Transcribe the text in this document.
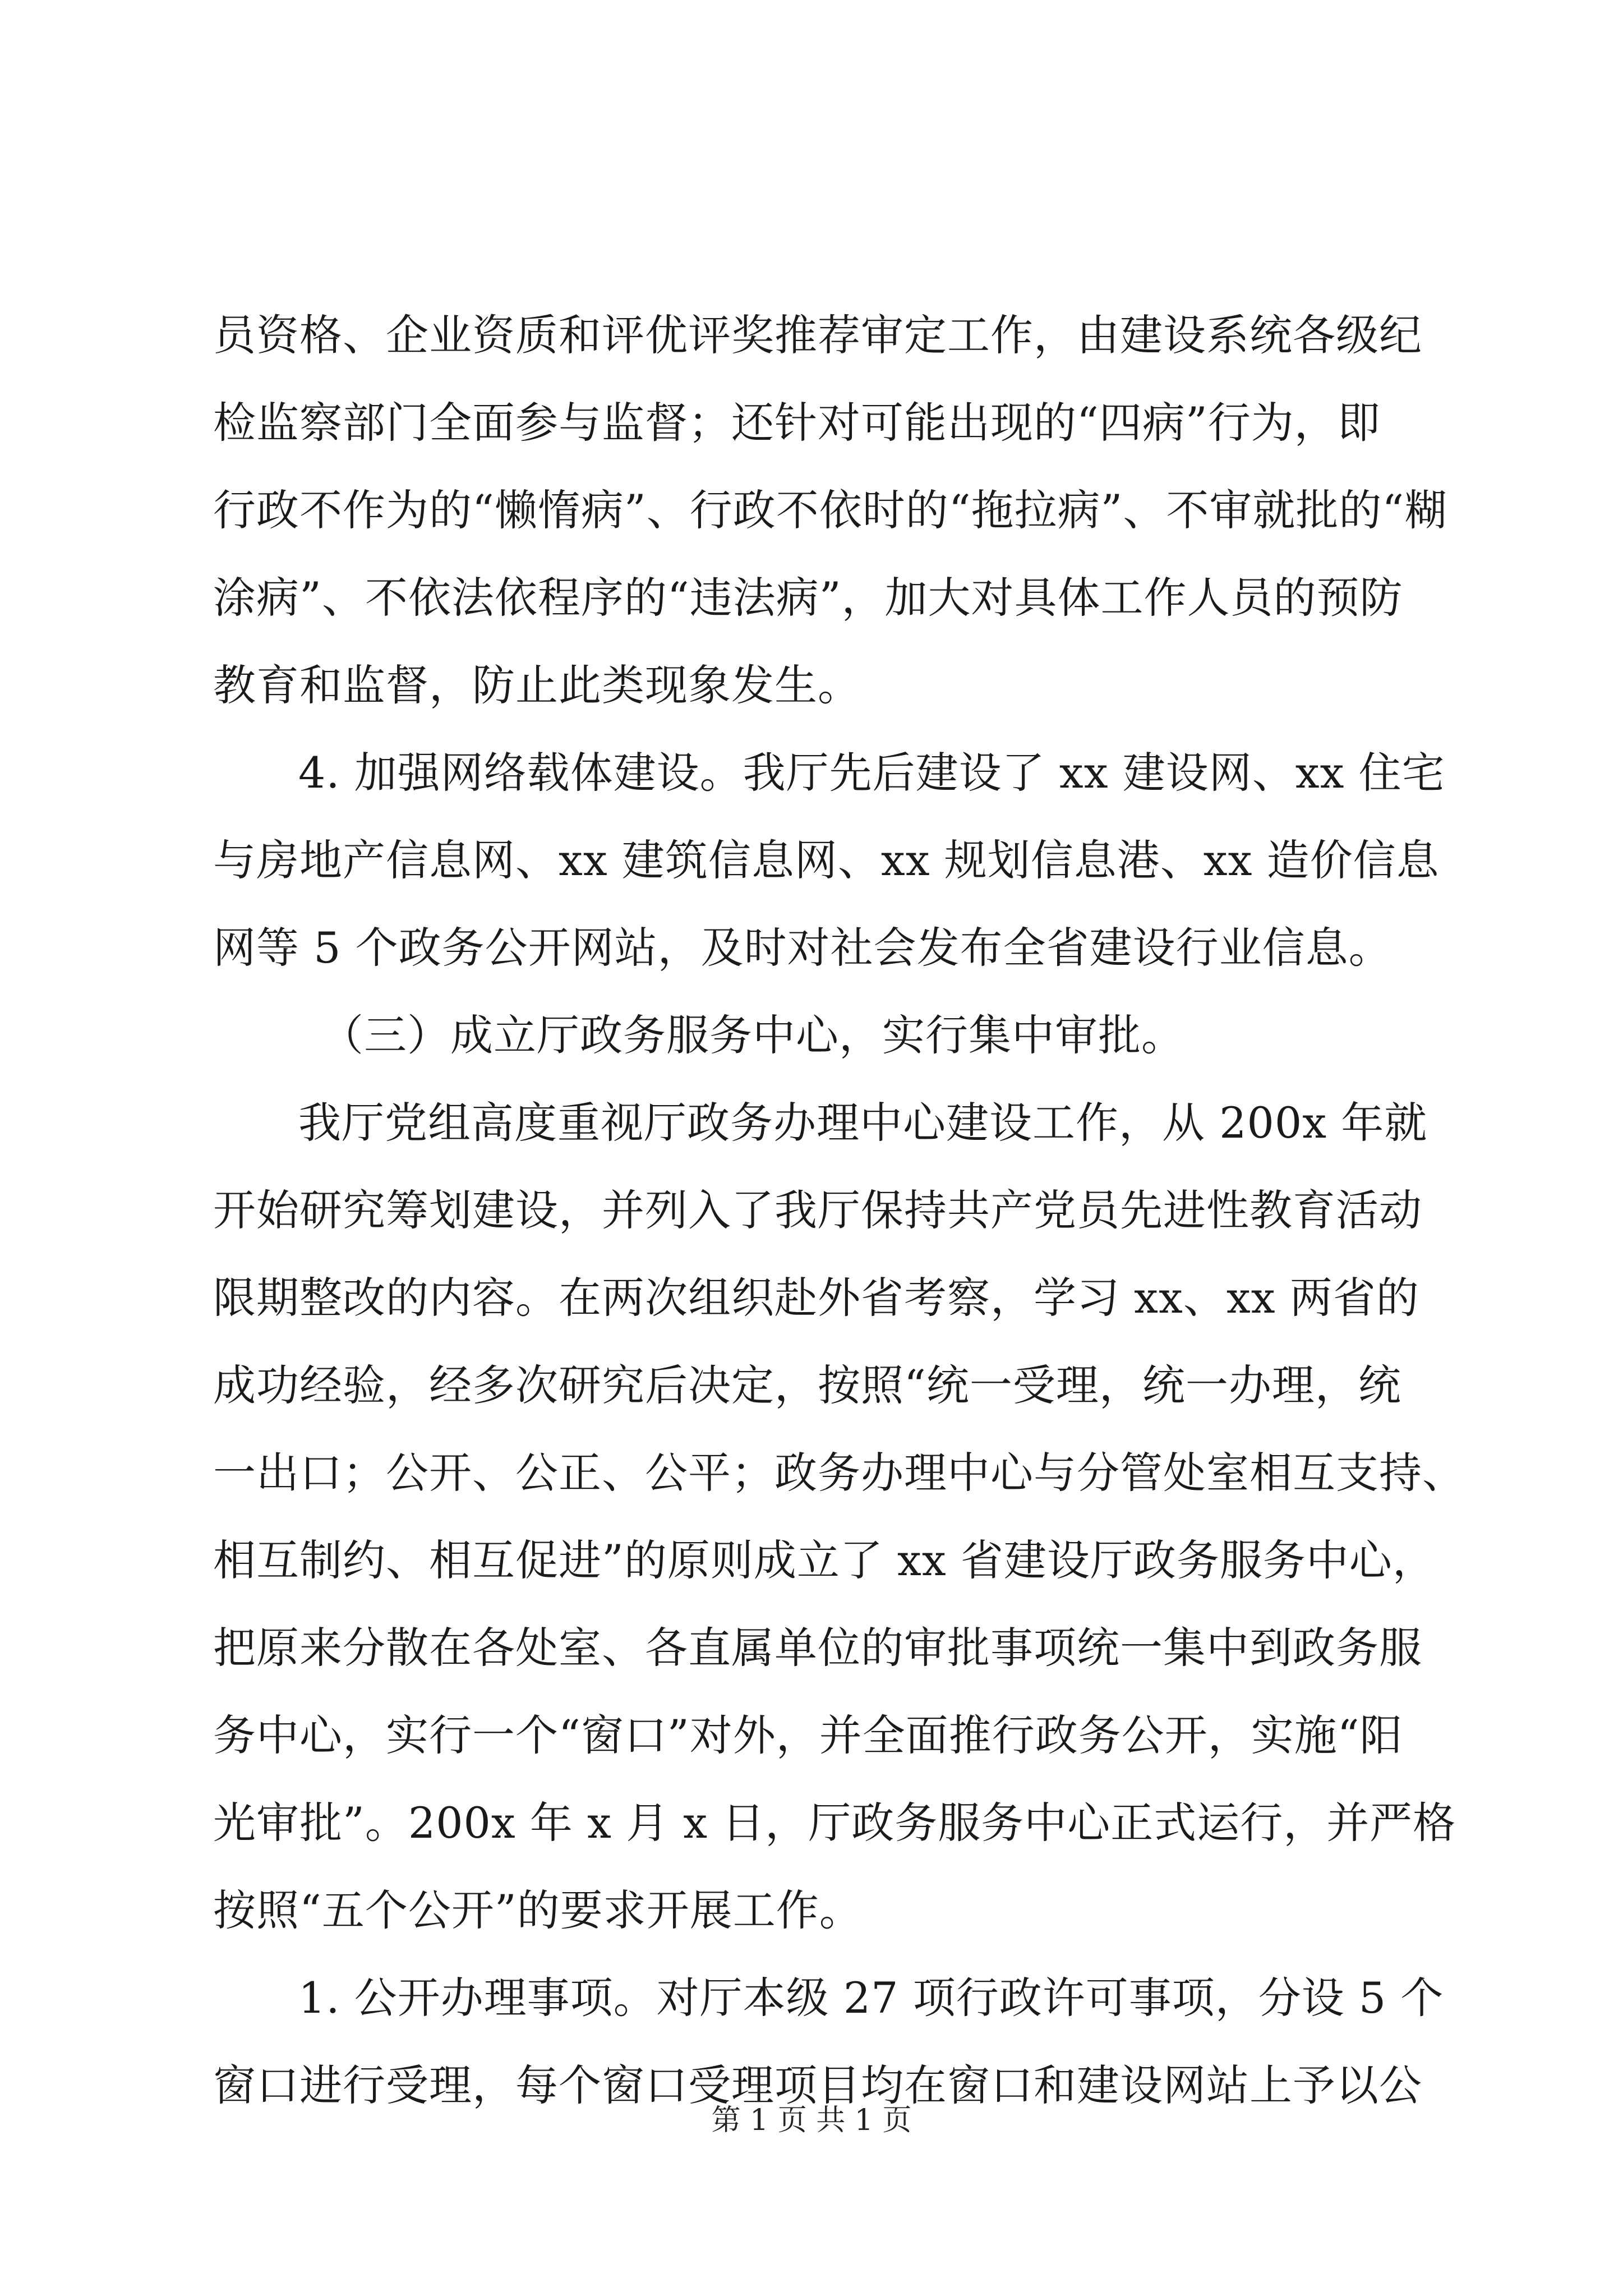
员资格、企业资质和评优评奖推荐审定工作，由建设系统各级纪
检监察部门全面参与监督；还针对可能出现的“四病”行为，即
行政不作为的“懒惰病”、行政不依时的“拖拉病”、不审就批的“糊
涂病”、不依法依程序的“违法病”，加大对具体工作人员的预防
教育和监督，防止此类现象发生。
4. 加强网络载体建设。我厅先后建设了 xx 建设网、xx 住宅
与房地产信息网、xx 建筑信息网、xx 规划信息港、xx 造价信息
网等 5 个政务公开网站，及时对社会发布全省建设行业信息。
（三）成立厅政务服务中心，实行集中审批。
我厅党组高度重视厅政务办理中心建设工作，从 200x 年就
开始研究筹划建设，并列入了我厅保持共产党员先进性教育活动
限期整改的内容。在两次组织赴外省考察，学习 xx、xx 两省的
成功经验，经多次研究后决定，按照“统一受理，统一办理，统
一出口；公开、公正、公平；政务办理中心与分管处室相互支持、
相互制约、相互促进”的原则成立了 xx 省建设厅政务服务中心，
把原来分散在各处室、各直属单位的审批事项统一集中到政务服
务中心，实行一个“窗口”对外，并全面推行政务公开，实施“阳
光审批”。200x 年 x 月 x 日，厅政务服务中心正式运行，并严格
按照“五个公开”的要求开展工作。
1. 公开办理事项。对厅本级 27 项行政许可事项，分设 5 个
窗口进行受理，每个窗口受理项目均在窗口和建设网站上予以公
第 1 页 共 1 页
